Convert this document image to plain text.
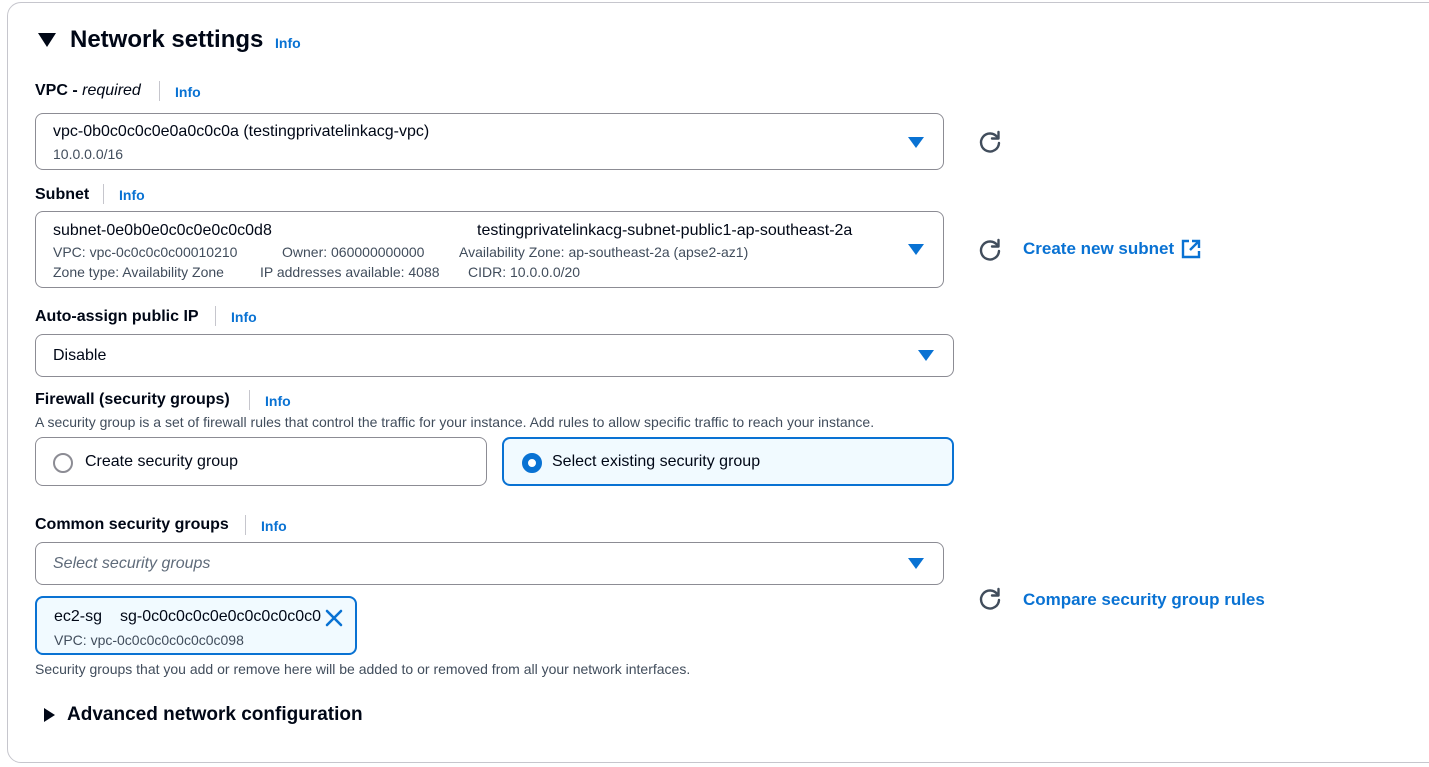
Network settings Info
VPC - required Info
vpc-0b0c0c0c0e0a0c0c0a (testingprivatelinkacg-vpc)
10.0.0.0/16
Subnet Info
subnet-0e0b0e0c0c0e0c0c0d8	testingprivatelinkacg-subnet-public1-ap-southeast-2a
VPC: vpc-0c0c0c0c00010210	Owner: 060000000000 Availability Zone: ap-southeast-2a (apse2-az1)
Zone type: Availability Zone	IP addresses available: 4088 CIDR: 10.0.0.0/20
Create new subnet
Auto-assign public IP Info
Disable
Firewall (security groups)	Info
A security group is a set of firewall rules that control the traffic for your instance. Add rules to allow specific traffic to reach your instance.
Create security group	Select existing security group
Common security groups Info
Select security groups
ec2-sg sg-0c0c0c0c0e0c0c0c0c0c0
VPC: vpc-0c0c0c0c0c0c0c098
Compare security group rules
Security groups that you add or remove here will be added to or removed from all your network interfaces.
Advanced network configuration
